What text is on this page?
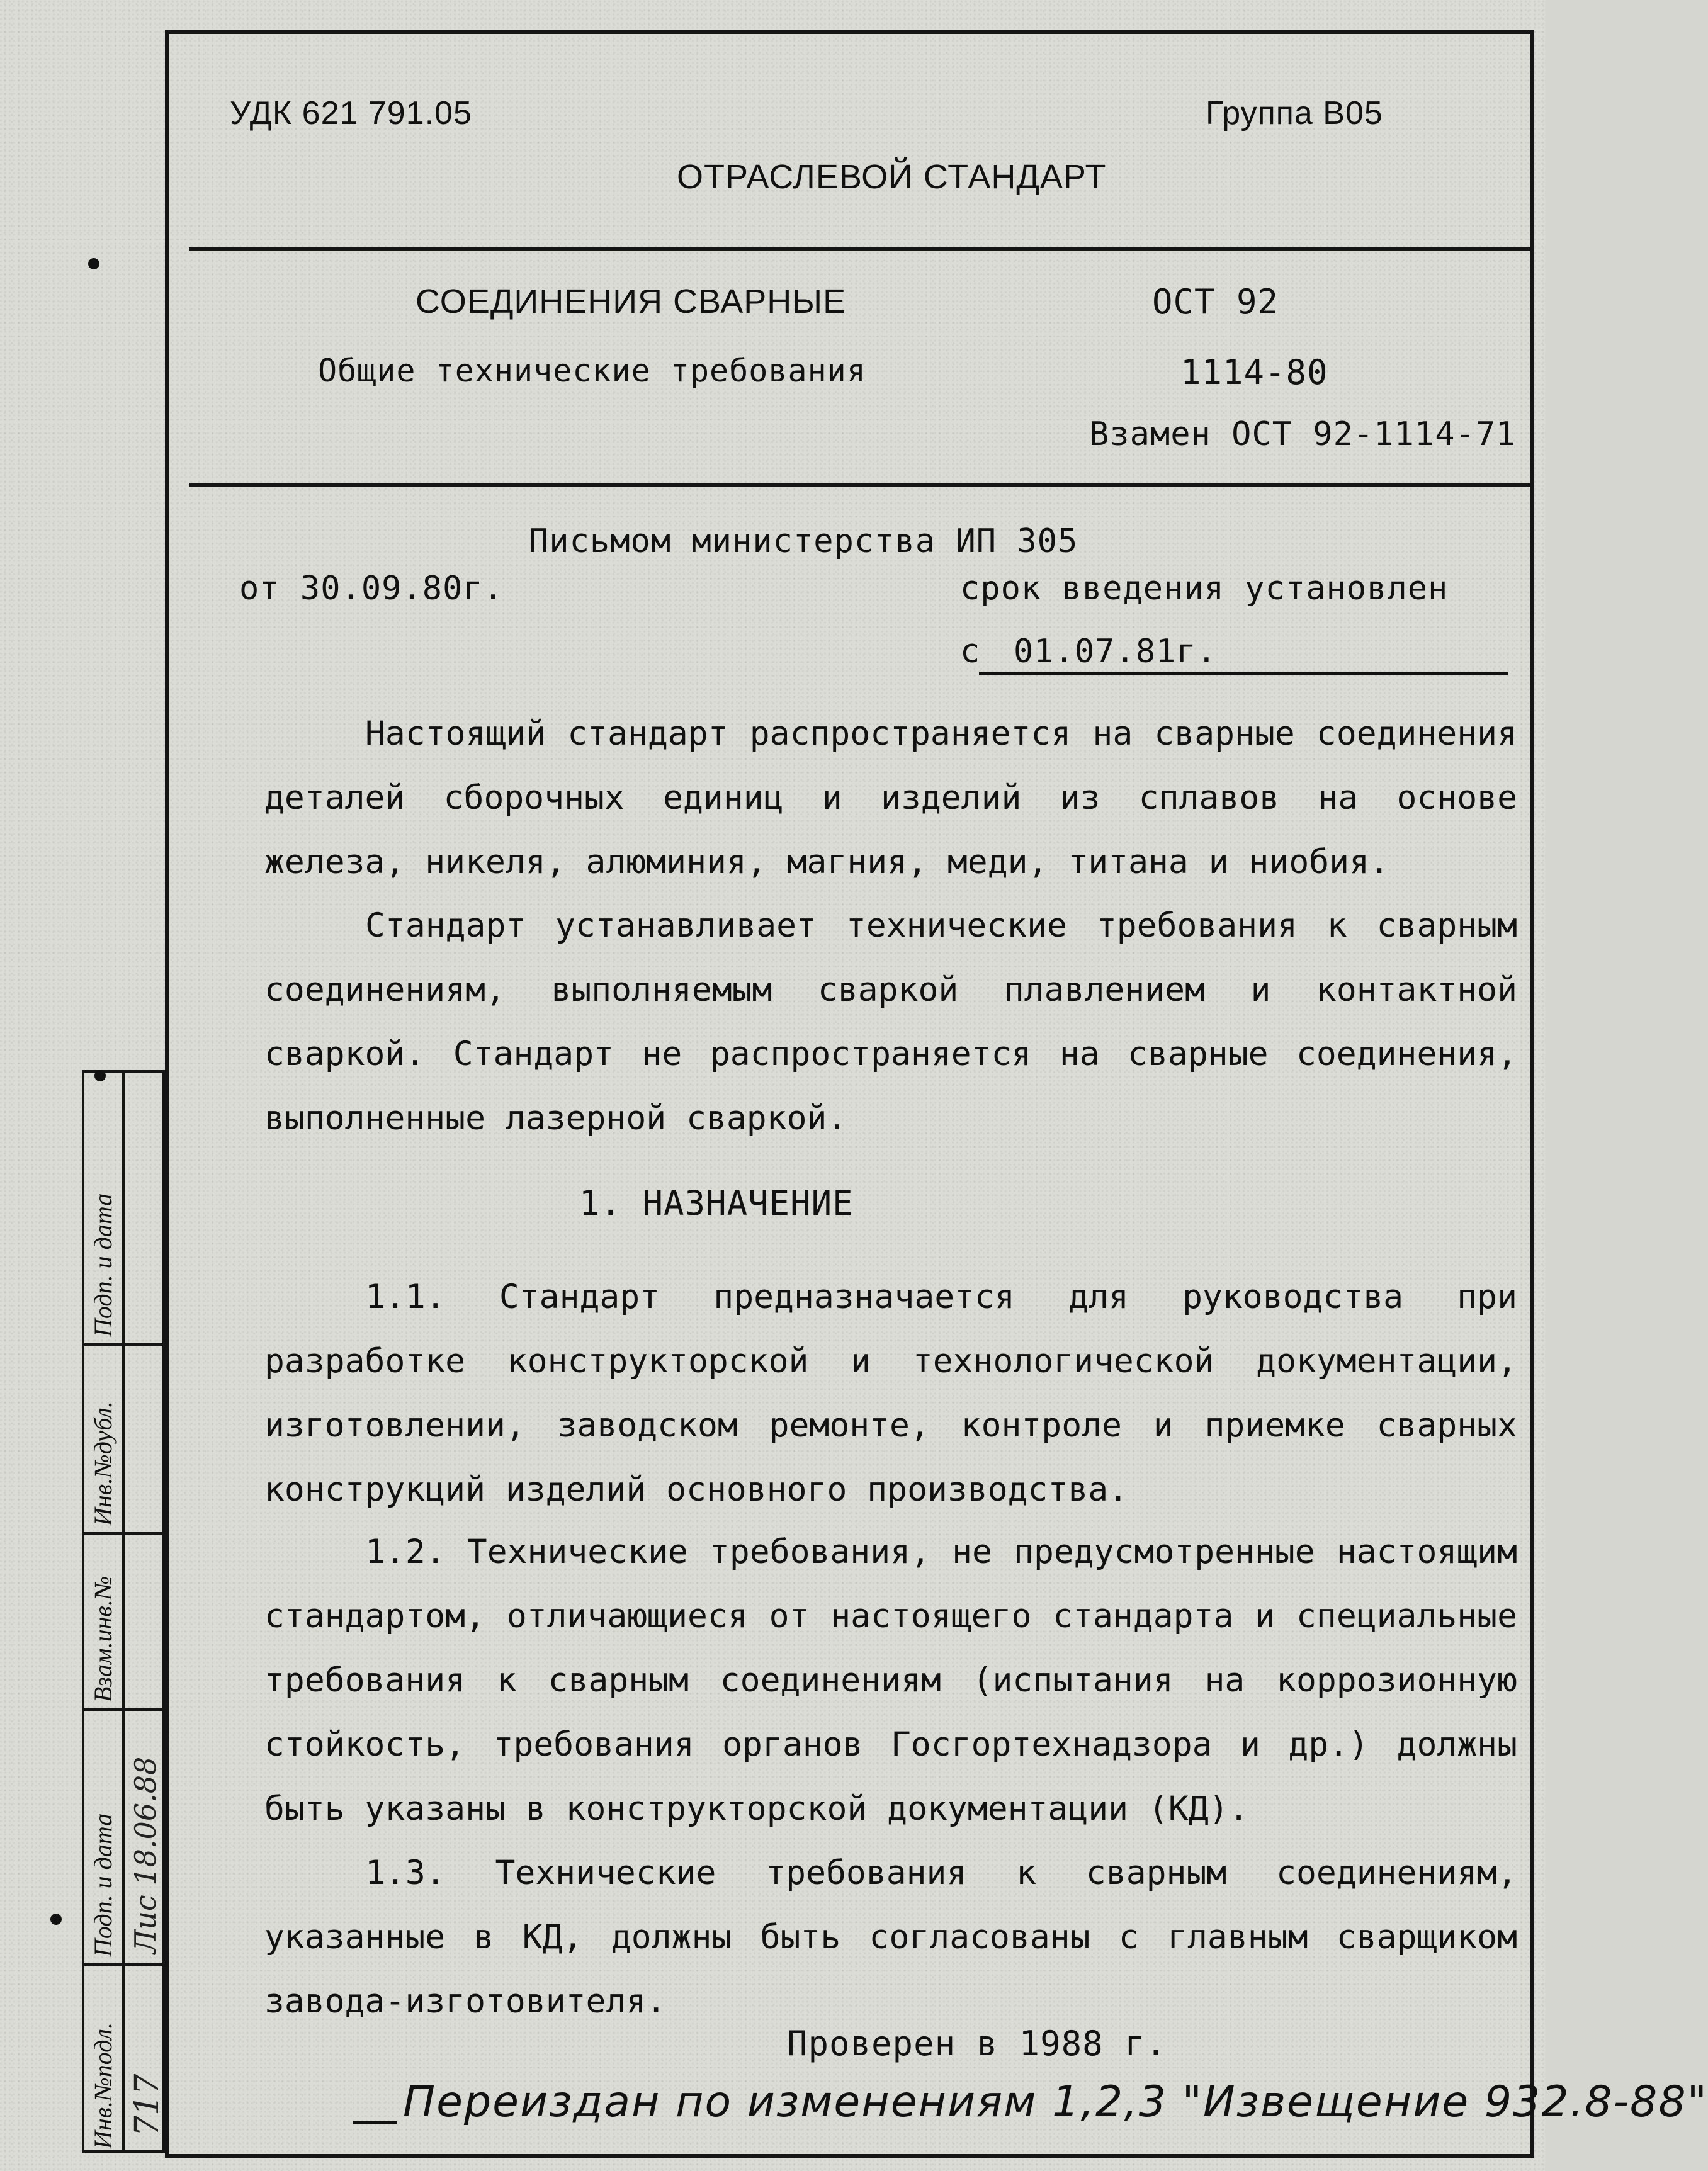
УДК 621 791.05	Группа В05
ОТРАСЛЕВОЙ СТАНДАРТ
СОЕДИНЕНИЯ СВАРНЫЕ
Общие технические требования
ОСТ 92
1114-80
Взамен ОСТ 92-1114-71
Письмом министерства ИП 305
от 30.09.80г.	срок введения установлен
с 01.07.81г.
Настоящий стандарт распространяется на сварные соединения деталей сборочных единиц и изделий из сплавов на основе железа, никеля, алюминия, магния, меди, титана и ниобия.
Стандарт устанавливает технические требования к сварным соединениям, выполняемым сваркой плавлением и контактной сваркой. Стандарт не распространяется на сварные соединения, выполненные лазерной сваркой.
1. НАЗНАЧЕНИЕ
1.1. Стандарт предназначается для руководства при разработке конструкторской и технологической документации, изготовлении, заводском ремонте, контроле и приемке сварных конструкций изделий основного производства.
1.2. Технические требования, не предусмотренные настоящим стандартом, отличающиеся от настоящего стандарта и специальные требования к сварным соединениям (испытания на коррозионную стойкость, требования органов Госгортехнадзора и др.) должны быть указаны в конструкторской документации (КД).
1.3. Технические требования к сварным соединениям, указанные в КД, должны быть согласованы с главным сварщиком завода-изготовителя.
Проверен в 1988 г.
Переиздан по изменениям 1,2,3 "Извещение 932.8-88"
Подп. и дата
Инв.№дубл.
Взам.инв.№
Подп. и дата
Инв.№подл.
Лис 18.06.88
717
